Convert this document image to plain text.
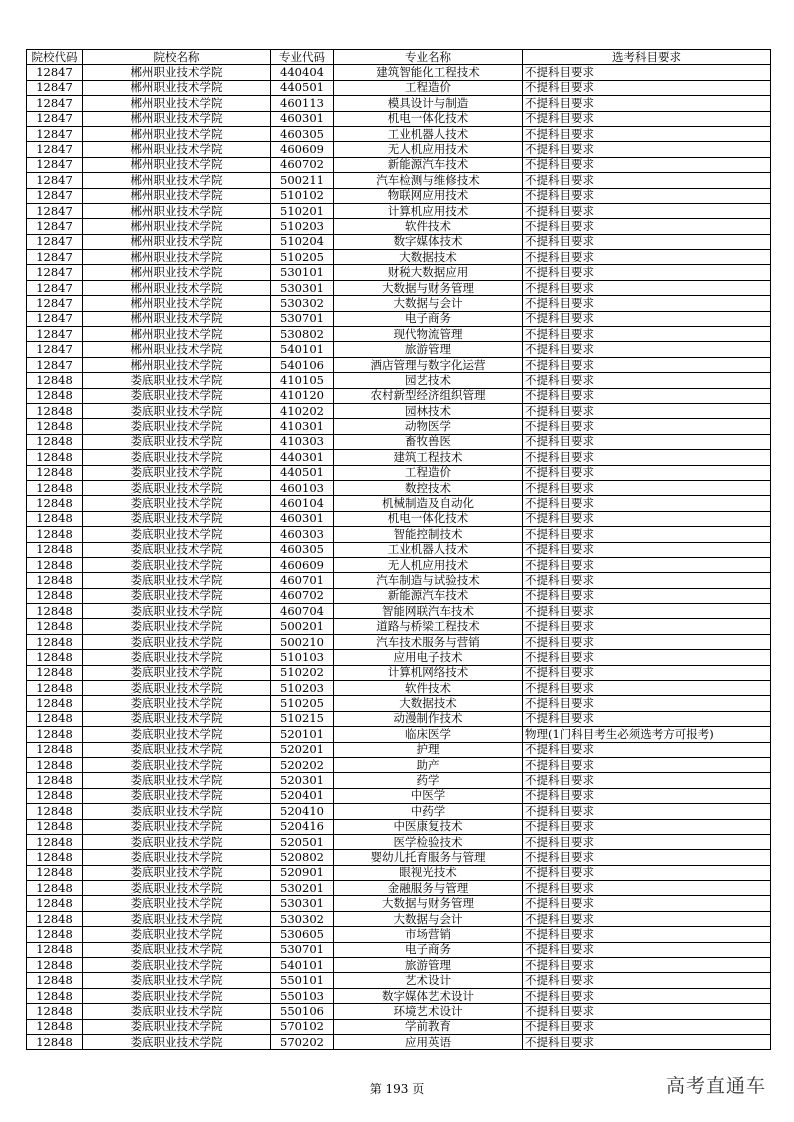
院校代码	院校名称	专业代码	专业名称	选考科目要求
12847	郴州职业技术学院	440404	建筑智能化工程技术	不提科目要求
12847	郴州职业技术学院	440501	工程造价	不提科目要求
12847	郴州职业技术学院	460113	模具设计与制造	不提科目要求
12847	郴州职业技术学院	460301	机电一体化技术	不提科目要求
12847	郴州职业技术学院	460305	工业机器人技术	不提科目要求
12847	郴州职业技术学院	460609	无人机应用技术	不提科目要求
12847	郴州职业技术学院	460702	新能源汽车技术	不提科目要求
12847	郴州职业技术学院	500211	汽车检测与维修技术	不提科目要求
12847	郴州职业技术学院	510102	物联网应用技术	不提科目要求
12847	郴州职业技术学院	510201	计算机应用技术	不提科目要求
12847	郴州职业技术学院	510203	软件技术	不提科目要求
12847	郴州职业技术学院	510204	数字媒体技术	不提科目要求
12847	郴州职业技术学院	510205	大数据技术	不提科目要求
12847	郴州职业技术学院	530101	财税大数据应用	不提科目要求
12847	郴州职业技术学院	530301	大数据与财务管理	不提科目要求
12847	郴州职业技术学院	530302	大数据与会计	不提科目要求
12847	郴州职业技术学院	530701	电子商务	不提科目要求
12847	郴州职业技术学院	530802	现代物流管理	不提科目要求
12847	郴州职业技术学院	540101	旅游管理	不提科目要求
12847	郴州职业技术学院	540106	酒店管理与数字化运营	不提科目要求
12848	娄底职业技术学院	410105	园艺技术	不提科目要求
12848	娄底职业技术学院	410120	农村新型经济组织管理	不提科目要求
12848	娄底职业技术学院	410202	园林技术	不提科目要求
12848	娄底职业技术学院	410301	动物医学	不提科目要求
12848	娄底职业技术学院	410303	畜牧兽医	不提科目要求
12848	娄底职业技术学院	440301	建筑工程技术	不提科目要求
12848	娄底职业技术学院	440501	工程造价	不提科目要求
12848	娄底职业技术学院	460103	数控技术	不提科目要求
12848	娄底职业技术学院	460104	机械制造及自动化	不提科目要求
12848	娄底职业技术学院	460301	机电一体化技术	不提科目要求
12848	娄底职业技术学院	460303	智能控制技术	不提科目要求
12848	娄底职业技术学院	460305	工业机器人技术	不提科目要求
12848	娄底职业技术学院	460609	无人机应用技术	不提科目要求
12848	娄底职业技术学院	460701	汽车制造与试验技术	不提科目要求
12848	娄底职业技术学院	460702	新能源汽车技术	不提科目要求
12848	娄底职业技术学院	460704	智能网联汽车技术	不提科目要求
12848	娄底职业技术学院	500201	道路与桥梁工程技术	不提科目要求
12848	娄底职业技术学院	500210	汽车技术服务与营销	不提科目要求
12848	娄底职业技术学院	510103	应用电子技术	不提科目要求
12848	娄底职业技术学院	510202	计算机网络技术	不提科目要求
12848	娄底职业技术学院	510203	软件技术	不提科目要求
12848	娄底职业技术学院	510205	大数据技术	不提科目要求
12848	娄底职业技术学院	510215	动漫制作技术	不提科目要求
12848	娄底职业技术学院	520101	临床医学	物理(1门科目考生必须选考方可报考)
12848	娄底职业技术学院	520201	护理	不提科目要求
12848	娄底职业技术学院	520202	助产	不提科目要求
12848	娄底职业技术学院	520301	药学	不提科目要求
12848	娄底职业技术学院	520401	中医学	不提科目要求
12848	娄底职业技术学院	520410	中药学	不提科目要求
12848	娄底职业技术学院	520416	中医康复技术	不提科目要求
12848	娄底职业技术学院	520501	医学检验技术	不提科目要求
12848	娄底职业技术学院	520802	婴幼儿托育服务与管理	不提科目要求
12848	娄底职业技术学院	520901	眼视光技术	不提科目要求
12848	娄底职业技术学院	530201	金融服务与管理	不提科目要求
12848	娄底职业技术学院	530301	大数据与财务管理	不提科目要求
12848	娄底职业技术学院	530302	大数据与会计	不提科目要求
12848	娄底职业技术学院	530605	市场营销	不提科目要求
12848	娄底职业技术学院	530701	电子商务	不提科目要求
12848	娄底职业技术学院	540101	旅游管理	不提科目要求
12848	娄底职业技术学院	550101	艺术设计	不提科目要求
12848	娄底职业技术学院	550103	数字媒体艺术设计	不提科目要求
12848	娄底职业技术学院	550106	环境艺术设计	不提科目要求
12848	娄底职业技术学院	570102	学前教育	不提科目要求
12848	娄底职业技术学院	570202	应用英语	不提科目要求
第 193 页	高考直通车
